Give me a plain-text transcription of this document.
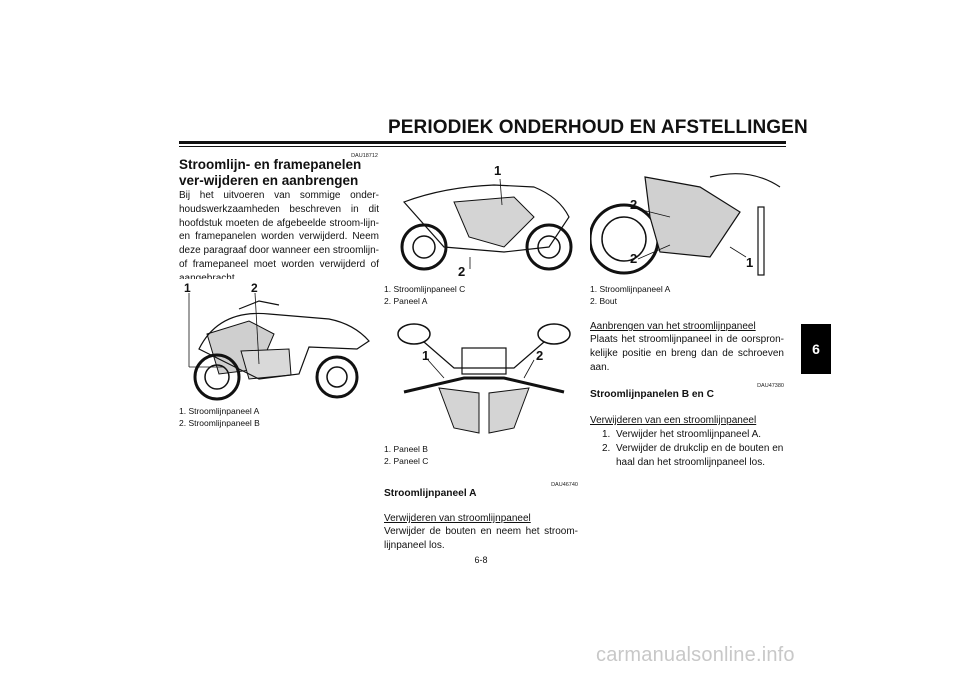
PERIODIEK ONDERHOUD EN AFSTELLINGEN
DAU18712
Stroomlijn- en framepanelen ver-wijderen en aanbrengen
Bij het uitvoeren van sommige onder-houdswerkzaamheden beschreven in dit hoofdstuk moeten de afgebeelde stroom-lijn- en framepanelen worden verwijderd. Neem deze paragraaf door wanneer een stroomlijn- of framepaneel moet worden verwijderd of
1	2
1. Stroomlijnpaneel A
2. Stroomlijnpaneel B
1
2
1. Stroomlijnpaneel C
2. Paneel A
1	2
1. Paneel B
2. Paneel C
DAU46740
Stroomlijnpaneel A
Verwijderen van stroomlijnpaneel
Verwijder de bouten en neem het stroom-lijnpaneel los.
2
2	1
1. Stroomlijnpaneel A
2. Bout
Aanbrengen van het stroomlijnpaneel
Plaats het stroomlijnpaneel in de oorspron-kelijke positie en breng dan de schroeven aan.
DAU47380
Stroomlijnpanelen B en C
Verwijderen van een stroomlijnpaneel
1. Verwijder het stroomlijnpaneel A.
2. Verwijder de drukclip en de bouten en haal dan het stroomlijnpaneel los.
6
6-8
carmanualsonline.info
